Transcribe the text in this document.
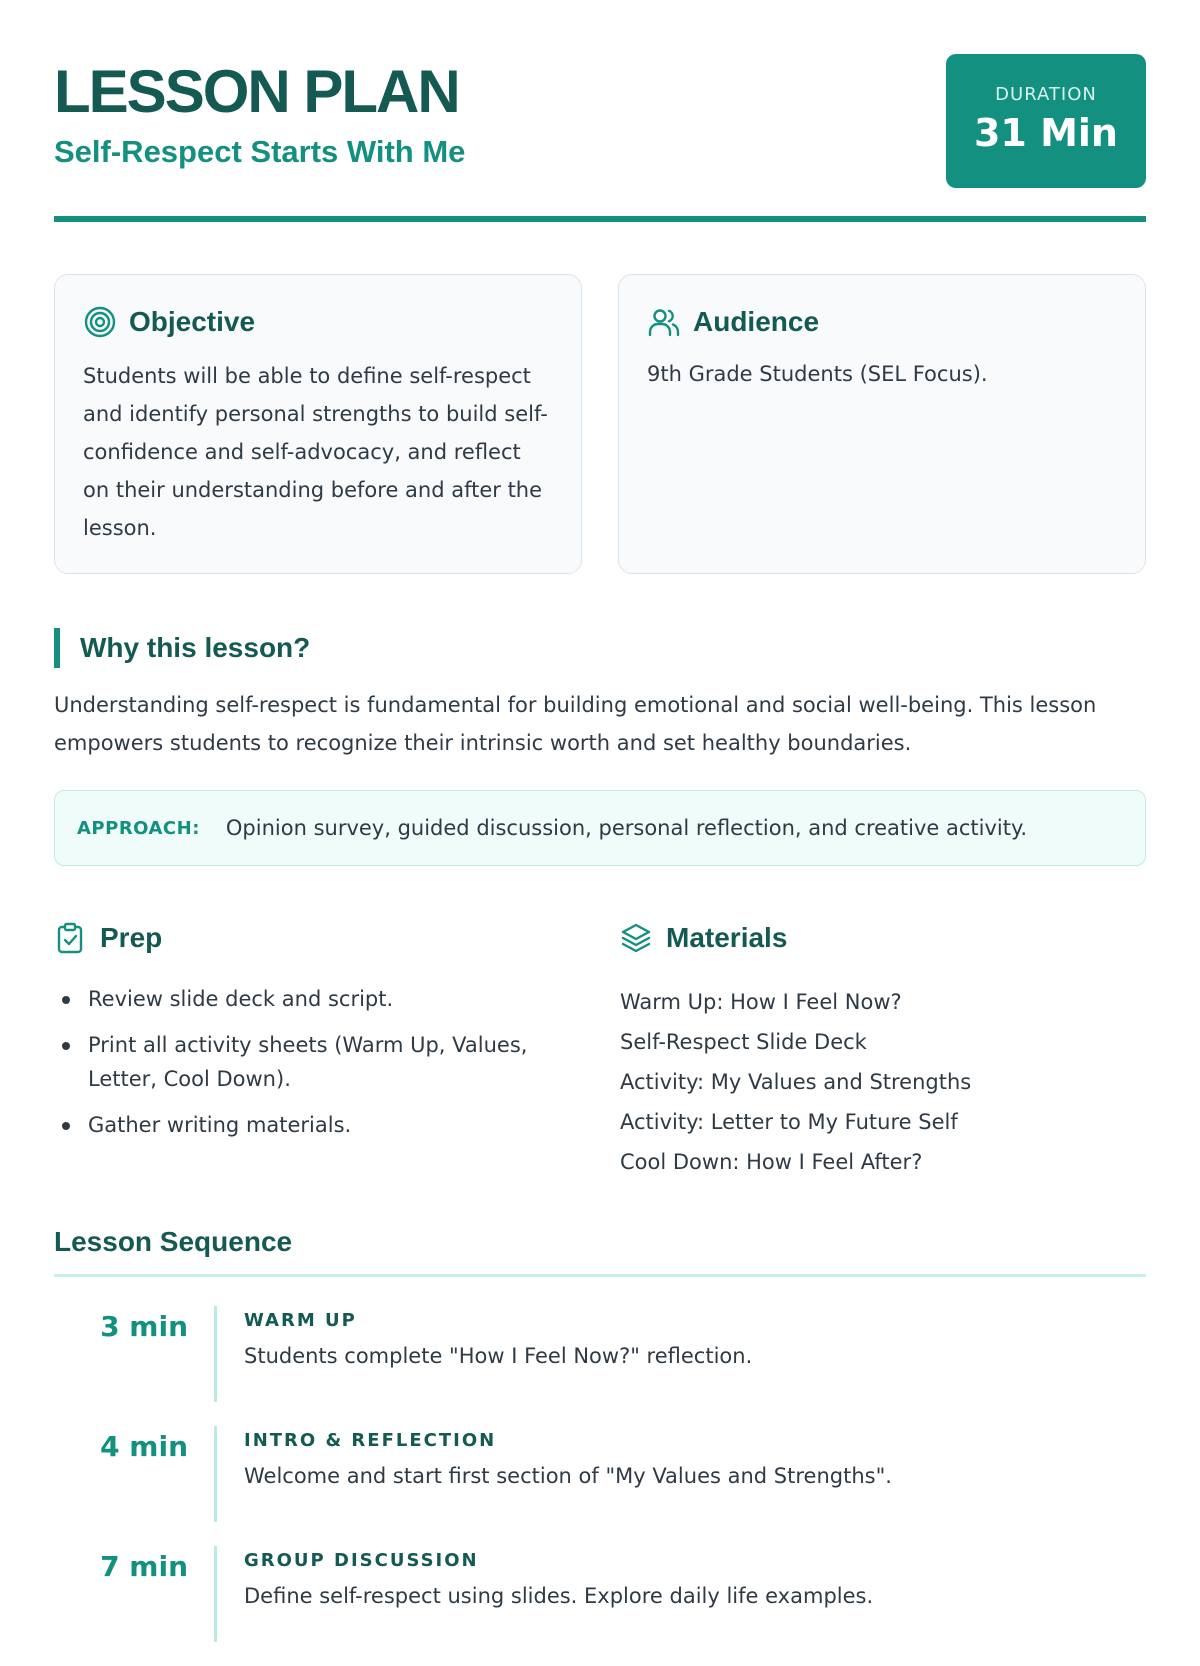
LESSON PLAN
Self-Respect Starts With Me
DURATION
31 Min
Objective
Students will be able to define self-respect and identify personal strengths to build self-confidence and self-advocacy, and reflect on their understanding before and after the lesson.
Audience
9th Grade Students (SEL Focus).
Why this lesson?
Understanding self-respect is fundamental for building emotional and social well-being. This lesson empowers students to recognize their intrinsic worth and set healthy boundaries.
APPROACH: Opinion survey, guided discussion, personal reflection, and creative activity.
Prep
Review slide deck and script.
Print all activity sheets (Warm Up, Values, Letter, Cool Down).
Gather writing materials.
Materials
Warm Up: How I Feel Now?
Self-Respect Slide Deck
Activity: My Values and Strengths
Activity: Letter to My Future Self
Cool Down: How I Feel After?
Lesson Sequence
3 min	WARM UP
Students complete "How I Feel Now?" reflection.
4 min	INTRO & REFLECTION
Welcome and start first section of "My Values and Strengths".
7 min	GROUP DISCUSSION
Define self-respect using slides. Explore daily life examples.
